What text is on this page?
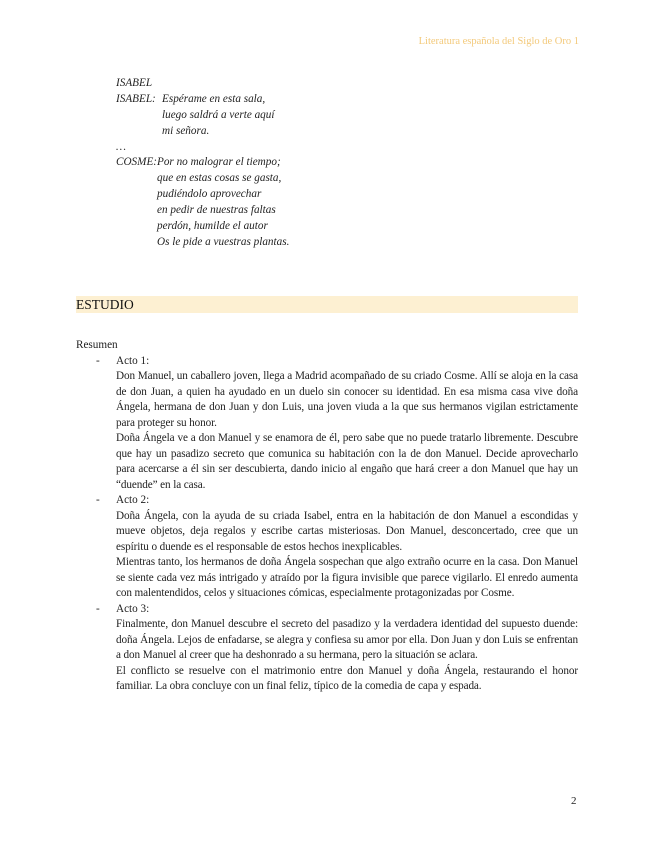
Literatura española del Siglo de Oro 1
ISABEL
ISABEL: Espérame en esta sala,
luego saldrá a verte aquí
mi señora.
…
COSME:Por no malograr el tiempo;
que en estas cosas se gasta,
pudiéndolo aprovechar
en pedir de nuestras faltas
perdón, humilde el autor
Os le pide a vuestras plantas.
ESTUDIO
Resumen
- Acto 1:
Don Manuel, un caballero joven, llega a Madrid acompañado de su criado Cosme. Allí se aloja en la casa de don Juan, a quien ha ayudado en un duelo sin conocer su identidad. En esa misma casa vive doña Ángela, hermana de don Juan y don Luis, una joven viuda a la que sus hermanos vigilan estrictamente para proteger su honor.
Doña Ángela ve a don Manuel y se enamora de él, pero sabe que no puede tratarlo libremente. Descubre que hay un pasadizo secreto que comunica su habitación con la de don Manuel. Decide aprovecharlo para acercarse a él sin ser descubierta, dando inicio al engaño que hará creer a don Manuel que hay un “duende” en la casa.
- Acto 2:
Doña Ángela, con la ayuda de su criada Isabel, entra en la habitación de don Manuel a escondidas y mueve objetos, deja regalos y escribe cartas misteriosas. Don Manuel, desconcertado, cree que un espíritu o duende es el responsable de estos hechos inexplicables.
Mientras tanto, los hermanos de doña Ángela sospechan que algo extraño ocurre en la casa. Don Manuel se siente cada vez más intrigado y atraído por la figura invisible que parece vigilarlo. El enredo aumenta con malentendidos, celos y situaciones cómicas, especialmente protagonizadas por Cosme.
- Acto 3:
Finalmente, don Manuel descubre el secreto del pasadizo y la verdadera identidad del supuesto duende: doña Ángela. Lejos de enfadarse, se alegra y confiesa su amor por ella. Don Juan y don Luis se enfrentan a don Manuel al creer que ha deshonrado a su hermana, pero la situación se aclara.
El conflicto se resuelve con el matrimonio entre don Manuel y doña Ángela, restaurando el honor familiar. La obra concluye con un final feliz, típico de la comedia de capa y espada.
2
